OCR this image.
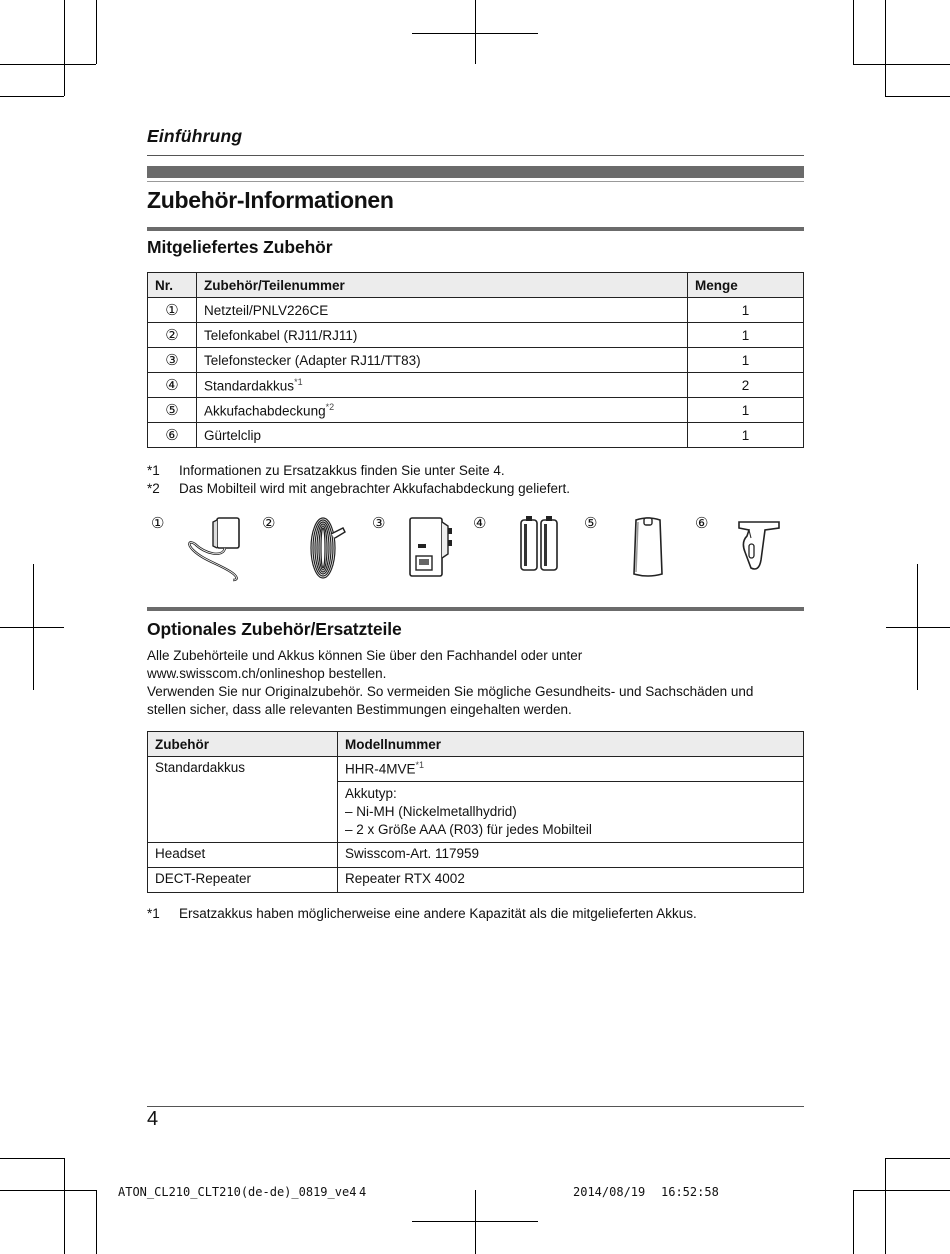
Einführung
Zubehör-Informationen
Mitgeliefertes Zubehör
Nr.	Zubehör/Teilenummer	Menge
①	Netzteil/PNLV226CE	1
②	Telefonkabel (RJ11/RJ11)	1
③	Telefonstecker (Adapter RJ11/TT83)	1
④	Standardakkus$^{*1}$	2
⑤	Akkufachabdeckung$^{*2}$	1
⑥	Gürtelclip	1
*1 Informationen zu Ersatzakkus finden Sie unter Seite 4.
*2 Das Mobilteil wird mit angebrachter Akkufachabdeckung geliefert.
①	②	③	④	⑤	⑥
Optionales Zubehör/Ersatzteile
Alle Zubehörteile und Akkus können Sie über den Fachhandel oder unter
www.swisscom.ch/onlineshop bestellen.
Verwenden Sie nur Originalzubehör. So vermeiden Sie mögliche Gesundheits- und Sachschäden und
stellen sicher, dass alle relevanten Bestimmungen eingehalten werden.
Zubehör	Modellnummer
Standardakkus	HHR-4MVE$^{*1}$

	Akkutyp:
– Ni-MH (Nickelmetallhydrid)
– 2 x Größe AAA (R03) für jedes Mobilteil

Headset	Swisscom-Art. 117959
DECT-Repeater	Repeater RTX 4002
*1 Ersatzakkus haben möglicherweise eine andere Kapazität als die mitgelieferten Akkus.
4
ATON_CL210_CLT210(de-de)_0819_ve4 4	2014/08/19 16:52:58
